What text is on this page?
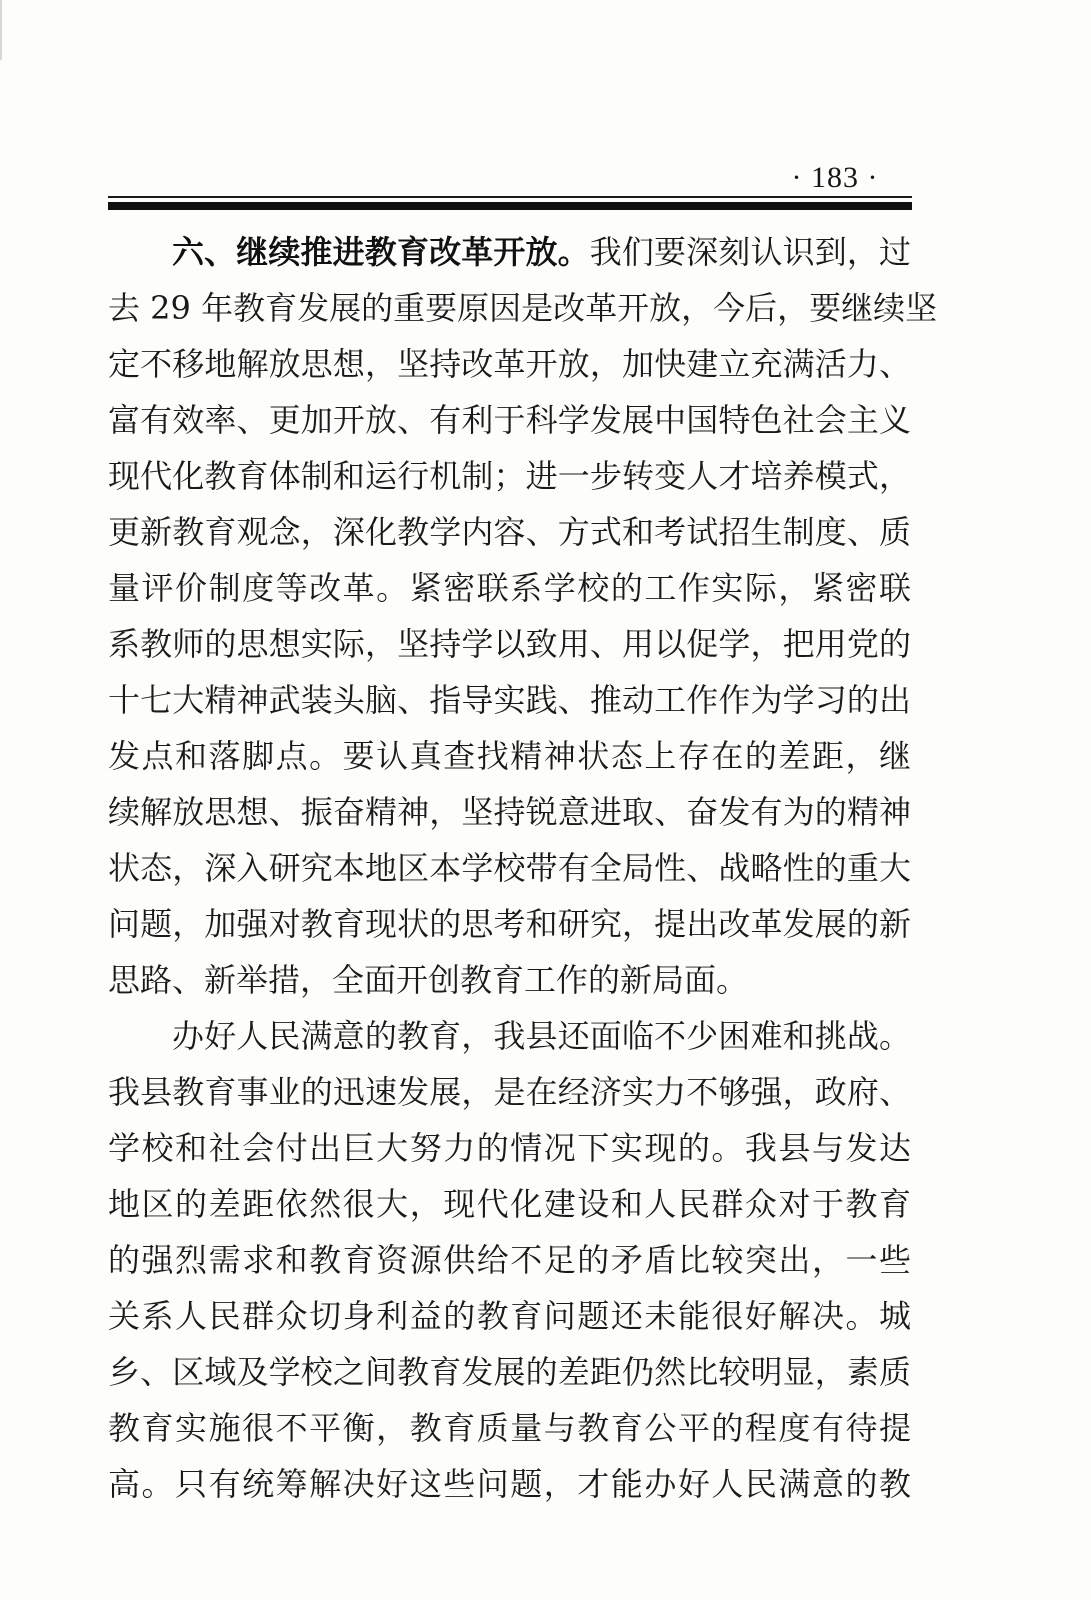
· 183 ·
六、继续推进教育改革开放。我们要深刻认识到，过
去 29 年教育发展的重要原因是改革开放，今后，要继续坚
定不移地解放思想，坚持改革开放，加快建立充满活力、
富有效率、更加开放、有利于科学发展中国特色社会主义
现代化教育体制和运行机制；进一步转变人才培养模式，
更新教育观念，深化教学内容、方式和考试招生制度、质
量评价制度等改革。紧密联系学校的工作实际，紧密联
系教师的思想实际，坚持学以致用、用以促学，把用党的
十七大精神武装头脑、指导实践、推动工作作为学习的出
发点和落脚点。要认真查找精神状态上存在的差距，继
续解放思想、振奋精神，坚持锐意进取、奋发有为的精神
状态，深入研究本地区本学校带有全局性、战略性的重大
问题，加强对教育现状的思考和研究，提出改革发展的新
思路、新举措，全面开创教育工作的新局面。
办好人民满意的教育，我县还面临不少困难和挑战。
我县教育事业的迅速发展，是在经济实力不够强，政府、
学校和社会付出巨大努力的情况下实现的。我县与发达
地区的差距依然很大，现代化建设和人民群众对于教育
的强烈需求和教育资源供给不足的矛盾比较突出，一些
关系人民群众切身利益的教育问题还未能很好解决。城
乡、区域及学校之间教育发展的差距仍然比较明显，素质
教育实施很不平衡，教育质量与教育公平的程度有待提
高。只有统筹解决好这些问题，才能办好人民满意的教
